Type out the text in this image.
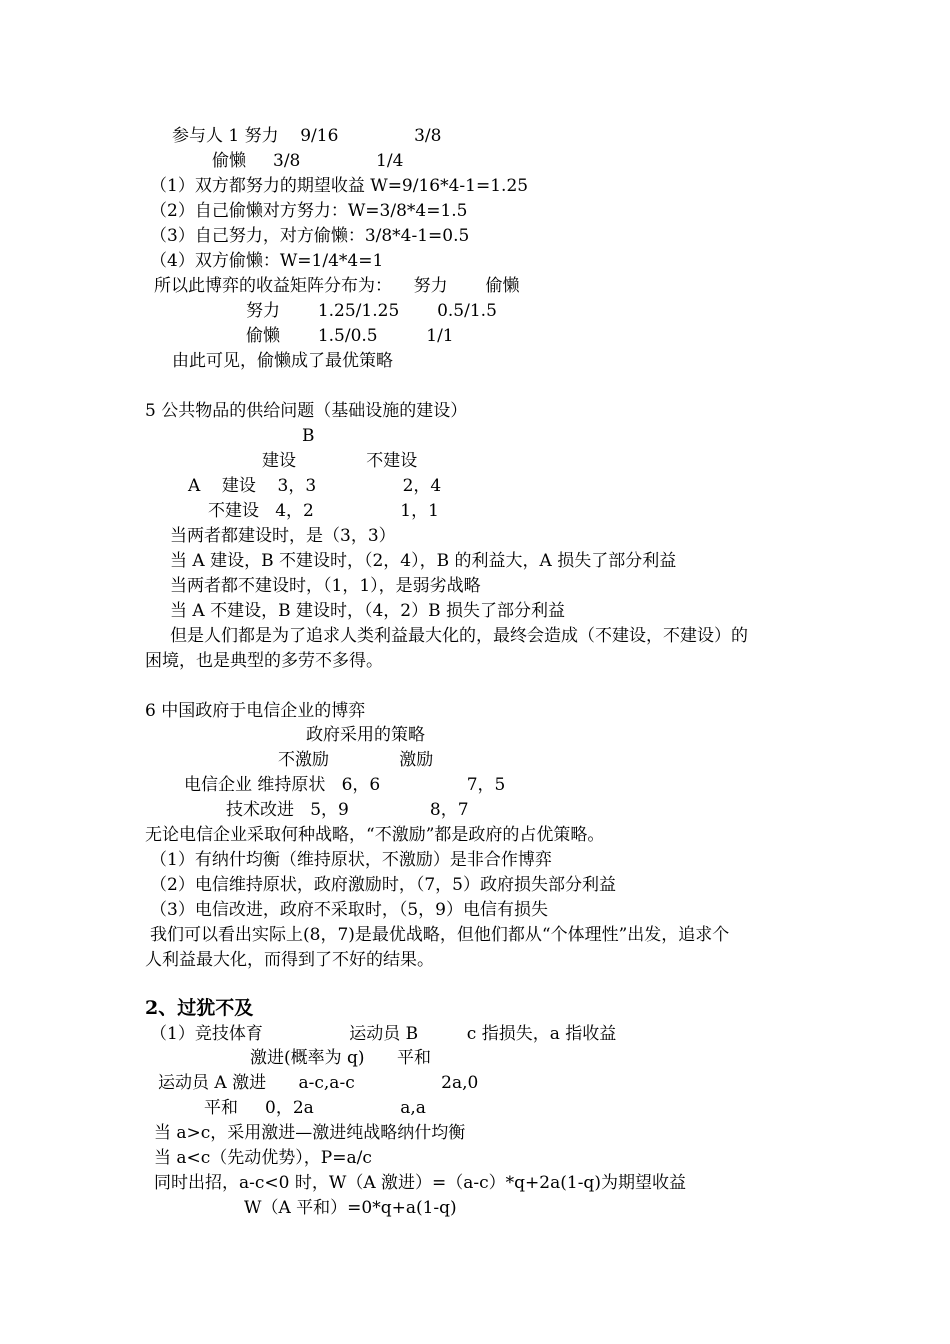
参与人 1 努力    9/16              3/8
偷懒     3/8              1/4
（1）双方都努力的期望收益 W=9/16*4-1=1.25
（2）自己偷懒对方努力：W=3/8*4=1.5
（3）自己努力，对方偷懒：3/8*4-1=0.5
（4）双方偷懒：W=1/4*4=1
所以此博弈的收益矩阵分布为：    努力       偷懒
努力       1.25/1.25       0.5/1.5
偷懒       1.5/0.5         1/1
由此可见，偷懒成了最优策略
5 公共物品的供给问题（基础设施的建设）
B
建设             不建设
A    建设    3，3                2，4
不建设   4，2                1，1
当两者都建设时，是（3，3）
当 A 建设，B 不建设时，（2，4），B 的利益大，A 损失了部分利益
当两者都不建设时，（1，1），是弱劣战略
当 A 不建设，B 建设时，（4，2）B 损失了部分利益
但是人们都是为了追求人类利益最大化的，最终会造成（不建设，不建设）的
困境，也是典型的多劳不多得。
6 中国政府于电信企业的博弈
政府采用的策略
不激励             激励
电信企业 维持原状   6，6                7，5
技术改进   5，9               8，7
无论电信企业采取何种战略，“不激励”都是政府的占优策略。
（1）有纳什均衡（维持原状，不激励）是非合作博弈
（2）电信维持原状，政府激励时，（7，5）政府损失部分利益
（3）电信改进，政府不采取时，（5，9）电信有损失
我们可以看出实际上(8，7)是最优战略，但他们都从“个体理性”出发，追求个
人利益最大化，而得到了不好的结果。
2、过犹不及
（1）竞技体育                运动员 B         c 指损失，a 指收益
激进(概率为 q)      平和
运动员 A 激进      a-c,a-c                2a,0
平和     0，2a                a,a
当 a>c，采用激进—激进纯战略纳什均衡
当 a<c（先动优势），P=a/c
同时出招，a-c<0 时，W（A 激进）=（a-c）*q+2a(1-q)为期望收益
W（A 平和）=0*q+a(1-q)
